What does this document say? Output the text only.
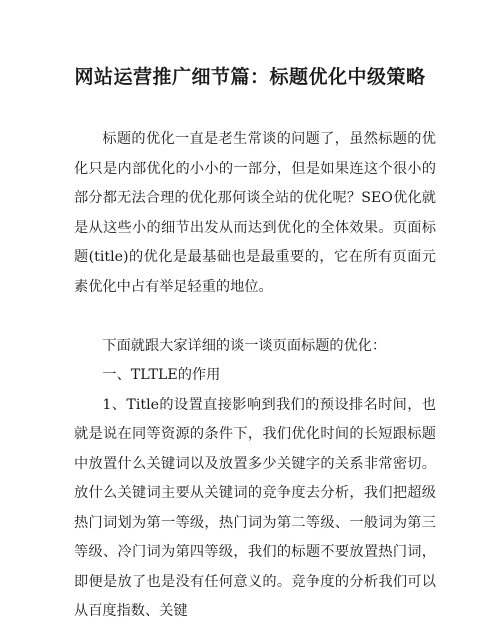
网站运营推广细节篇：标题优化中级策略

标题的优化一直是老生常谈的问题了，虽然标题的优化只是内部优化的小小的一部分，但是如果连这个很小的部分都无法合理的优化那何谈全站的优化呢？SEO优化就是从这些小的细节出发从而达到优化的全体效果。页面标题(title)的优化是最基础也是最重要的，它在所有页面元素优化中占有举足轻重的地位。

下面就跟大家详细的谈一谈页面标题的优化：

一、TLTLE的作用

1、Title的设置直接影响到我们的预设排名时间，也就是说在同等资源的条件下，我们优化时间的长短跟标题中放置什么关键词以及放置多少关键字的关系非常密切。放什么关键词主要从关键词的竞争度去分析，我们把超级热门词划为第一等级，热门词为第二等级、一般词为第三等级、冷门词为第四等级，我们的标题不要放置热门词，即便是放了也是没有任何意义的。竞争度的分析我们可以从百度指数、关键
